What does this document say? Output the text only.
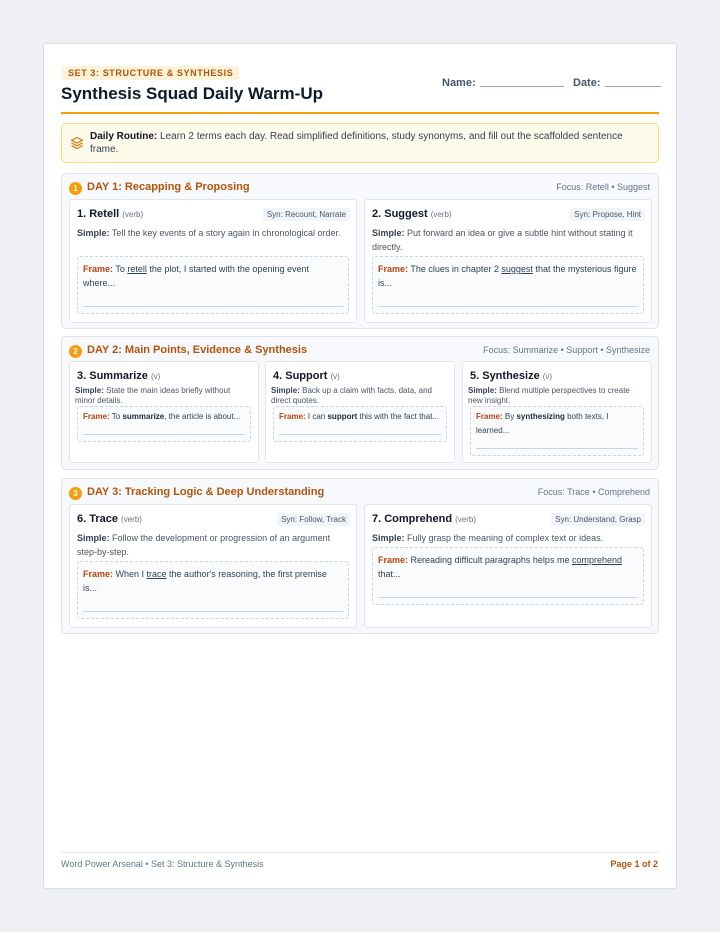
SET 3: STRUCTURE & SYNTHESIS
Synthesis Squad Daily Warm-Up
Name:	Date:
Daily Routine: Learn 2 terms each day. Read simplified definitions, study synonyms, and fill out the scaffolded sentence frame.
1 DAY 1: Recapping & Proposing	Focus: Retell • Suggest
1. Retell (verb)	Syn: Recount, Narrate
Simple: Tell the key events of a story again in chronological order.
Frame: To retell the plot, I started with the opening event where...
2. Suggest (verb)	Syn: Propose, Hint
Simple: Put forward an idea or give a subtle hint without stating it directly.
Frame: The clues in chapter 2 suggest that the mysterious figure is...
2 DAY 2: Main Points, Evidence & Synthesis	Focus: Summarize • Support • Synthesize
3. Summarize (v)
Simple: State the main ideas briefly without minor details.
Frame: To summarize, the article is about...
4. Support (v)
Simple: Back up a claim with facts, data, and direct quotes.
Frame: I can support this with the fact that...
5. Synthesize (v)
Simple: Blend multiple perspectives to create new insight.
Frame: By synthesizing both texts, I learned...
3 DAY 3: Tracking Logic & Deep Understanding	Focus: Trace • Comprehend
6. Trace (verb)	Syn: Follow, Track
Simple: Follow the development or progression of an argument step-by-step.
Frame: When I trace the author's reasoning, the first premise is...
7. Comprehend (verb)	Syn: Understand, Grasp
Simple: Fully grasp the meaning of complex text or ideas.
Frame: Rereading difficult paragraphs helps me comprehend that...
Word Power Arsenal • Set 3: Structure & Synthesis	Page 1 of 2
